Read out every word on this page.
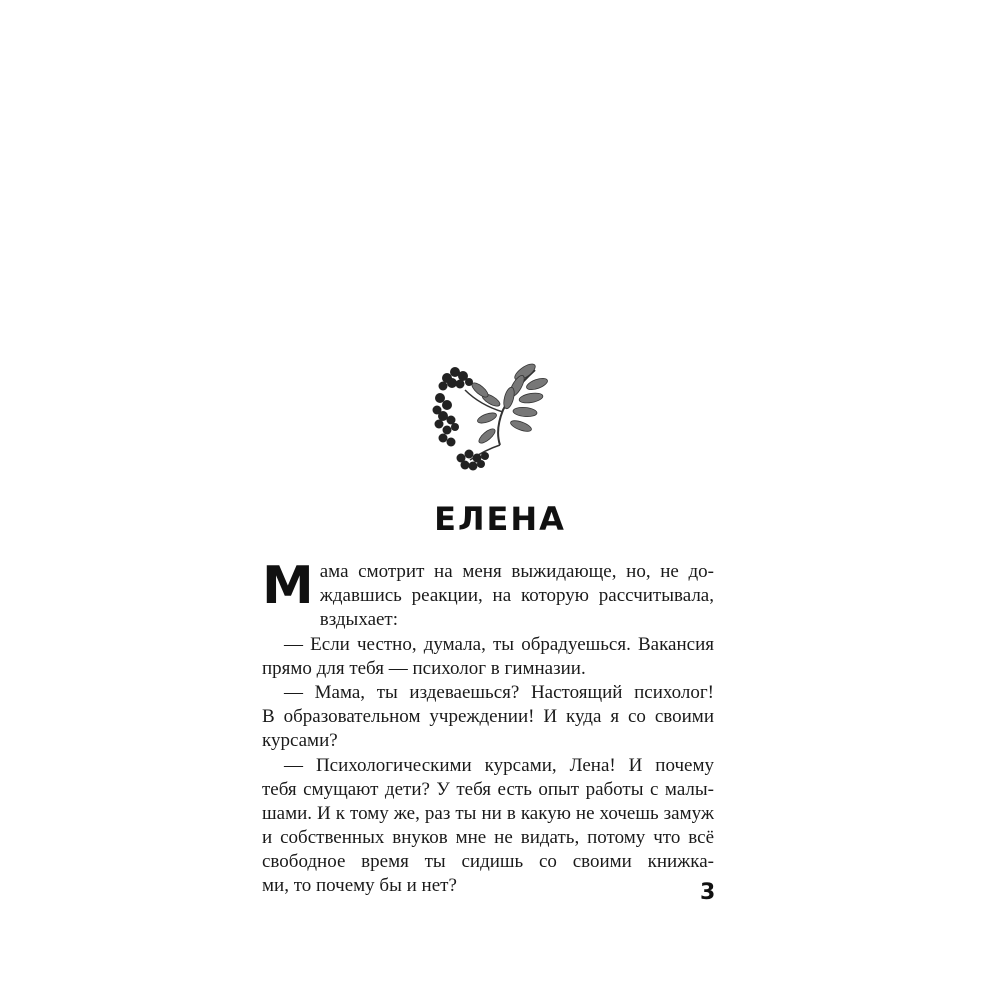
ЕЛЕНА
М ама смотрит на меня выжидающе, но, не до-
ждавшись реакции, на которую рассчитывала,
вздыхает:
— Если честно, думала, ты обрадуешься. Вакансия
прямо для тебя — психолог в гимназии.
— Мама, ты издеваешься? Настоящий психолог!
В образовательном учреждении! И куда я со своими
курсами?
— Психологическими курсами, Лена! И почему
тебя смущают дети? У тебя есть опыт работы с малы-
шами. И к тому же, раз ты ни в какую не хочешь замуж
и собственных внуков мне не видать, потому что всё
свободное время ты сидишь со своими книжка-
ми, то почему бы и нет?	3
